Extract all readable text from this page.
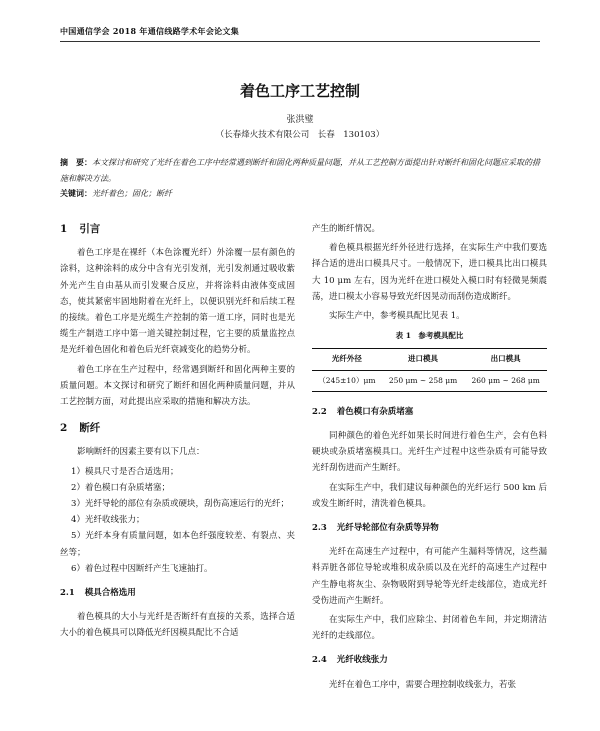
中国通信学会 2018 年通信线路学术年会论文集
着色工序工艺控制
张洪璧
（长春烽火技术有限公司　长春　130103）
摘　要：本文探讨和研究了光纤在着色工序中经常遇到断纤和固化两种质量问题，并从工艺控制方面提出针对断纤和固化问题应采取的措施和解决方法。
关键词：光纤着色；固化；断纤
1 引言

着色工序是在裸纤（本色涂覆光纤）外涂覆一层有颜色的涂料，这种涂料的成分中含有光引发剂，光引发剂通过吸收紫外光产生自由基从而引发聚合反应，并将涂料由液体变成固态，使其紧密牢固地附着在光纤上，以便识别光纤和后续工程的接续。着色工序是光缆生产控制的第一道工序，同时也是光缆生产制造工序中第一道关键控制过程，它主要的质量监控点是光纤着色固化和着色后光纤衰减变化的趋势分析。

着色工序在生产过程中，经常遇到断纤和固化两种主要的质量问题。本文探讨和研究了断纤和固化两种质量问题，并从工艺控制方面，对此提出应采取的措施和解决方法。

2 断纤

影响断纤的因素主要有以下几点：

1）模具尺寸是否合适选用；

2）着色模口有杂质堵塞；

3）光纤导轮的部位有杂质或硬块，刮伤高速运行的光纤；

4）光纤收线张力；

5）光纤本身有质量问题，如本色纤强度较差、有裂点、夹丝等；

6）着色过程中因断纤产生飞速抽打。

2.1 模具合格选用

着色模具的大小与光纤是否断纤有直接的关系，选择合适大小的着色模具可以降低光纤因模具配比不合适

产生的断纤情况。

着色模具根据光纤外径进行选择，在实际生产中我们要选择合适的进出口模具尺寸。一般情况下，进口模具比出口模具大 10 μm 左右，因为光纤在进口模处入模口时有轻微晃频震荡，进口模太小容易导致光纤因晃动而刮伤造成断纤。

实际生产中，参考模具配比见表 1。

表 1　参考模具配比
光纤外径	进口模具	出口模具
（245±10）μm	250 μm ~ 258 μm	260 μm ~ 268 μm
2.2 着色模口有杂质堵塞

同种颜色的着色光纤如果长时间进行着色生产，会有色料硬块或杂质堵塞模具口。光纤生产过程中这些杂质有可能导致光纤刮伤进而产生断纤。

在实际生产中，我们建议每种颜色的光纤运行 500 km 后或发生断纤时，清洗着色模具。

2.3 光纤导轮部位有杂质等异物

光纤在高速生产过程中，有可能产生漏料等情况，这些漏料弄脏各部位导轮或堆积成杂质以及在光纤的高速生产过程中产生静电将灰尘、杂物吸附到导轮等光纤走线部位，造成光纤受伤进而产生断纤。

在实际生产中，我们应除尘、封闭着色车间，并定期清洁光纤的走线部位。

2.4 光纤收线张力

光纤在着色工序中，需要合理控制收线张力，若张
